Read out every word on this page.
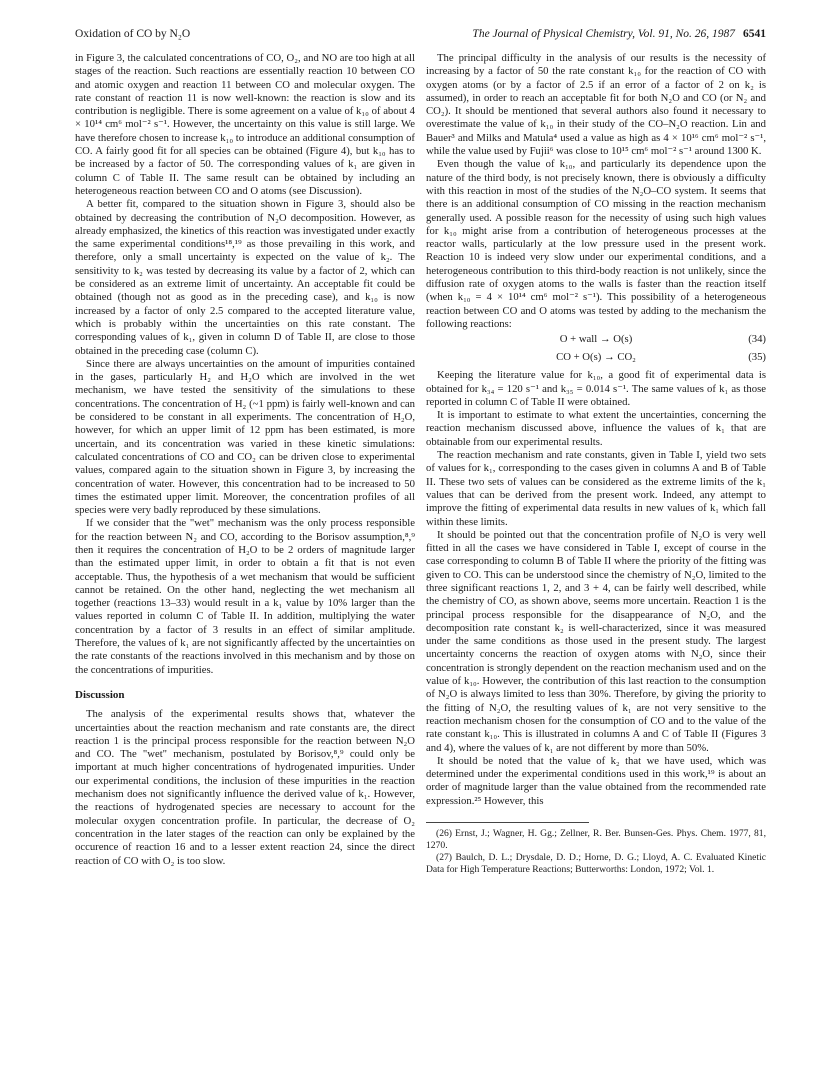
Oxidation of CO by N₂O	The Journal of Physical Chemistry, Vol. 91, No. 26, 1987 6541

in Figure 3, the calculated concentrations of CO, O₂, and NO are too high at all stages of the reaction. Such reactions are essentially reaction 10 between CO and atomic oxygen and reaction 11 between CO and molecular oxygen. The rate constant of reaction 11 is now well-known: the reaction is slow and its contribution is negligible. There is some agreement on a value of k₁₀ of about 4 × 10¹⁴ cm⁶ mol⁻² s⁻¹. However, the uncertainty on this value is still large. We have therefore chosen to increase k₁₀ to introduce an additional consumption of CO. A fairly good fit for all species can be obtained (Figure 4), but k₁₀ has to be increased by a factor of 50. The corresponding values of k₁ are given in column C of Table II. The same result can be obtained by including an heterogeneous reaction between CO and O atoms (see Discussion).

A better fit, compared to the situation shown in Figure 3, should also be obtained by decreasing the contribution of N₂O decomposition. However, as already emphasized, the kinetics of this reaction was investigated under exactly the same experimental conditions¹⁸,¹⁹ as those prevailing in this work, and therefore, only a small uncertainty is expected on the value of k₂. The sensitivity to k₂ was tested by decreasing its value by a factor of 2, which can be considered as an extreme limit of uncertainty. An acceptable fit could be obtained (though not as good as in the preceding case), and k₁₀ is now increased by a factor of only 2.5 compared to the accepted literature value, which is probably within the uncertainties on this rate constant. The corresponding values of k₁, given in column D of Table II, are close to those obtained in the preceding case (column C).

Since there are always uncertainties on the amount of impurities contained in the gases, particularly H₂ and H₂O which are involved in the wet mechanism, we have tested the sensitivity of the simulations to these concentrations. The concentration of H₂ (~1 ppm) is fairly well-known and can be considered to be constant in all experiments. The concentration of H₂O, however, for which an upper limit of 12 ppm has been estimated, is more uncertain, and its concentration was varied in these kinetic simulations: calculated concentrations of CO and CO₂ can be driven close to experimental values, compared again to the situation shown in Figure 3, by increasing the concentration of water. However, this concentration had to be increased to 50 times the estimated upper limit. Moreover, the concentration profiles of all species were very badly reproduced by these simulations.

If we consider that the "wet" mechanism was the only process responsible for the reaction between N₂ and CO, according to the Borisov assumption,⁸,⁹ then it requires the concentration of H₂O to be 2 orders of magnitude larger than the estimated upper limit, in order to obtain a fit that is not even acceptable. Thus, the hypothesis of a wet mechanism that would be sufficient cannot be retained. On the other hand, neglecting the wet mechanism all together (reactions 13–33) would result in a k₁ value by 10% larger than the values reported in column C of Table II. In addition, multiplying the water concentration by a factor of 3 results in an effect of similar amplitude. Therefore, the values of k₁ are not significantly affected by the uncertainties on the rate constants of the reactions involved in this mechanism and by those on the concentrations of impurities.

Discussion

The analysis of the experimental results shows that, whatever the uncertainties about the reaction mechanism and rate constants are, the direct reaction 1 is the principal process responsible for the reaction between N₂O and CO. The "wet" mechanism, postulated by Borisov,⁸,⁹ could only be important at much higher concentrations of hydrogenated impurities. Under our experimental conditions, the inclusion of these impurities in the reaction mechanism does not significantly influence the derived value of k₁. However, the reactions of hydrogenated species are necessary to account for the molecular oxygen concentration profile. In particular, the decrease of O₂ concentration in the later stages of the reaction can only be explained by the occurence of reaction 16 and to a lesser extent reaction 24, since the direct reaction of CO with O₂ is too slow.

The principal difficulty in the analysis of our results is the necessity of increasing by a factor of 50 the rate constant k₁₀ for the reaction of CO with oxygen atoms (or by a factor of 2.5 if an error of a factor of 2 on k₂ is assumed), in order to reach an acceptable fit for both N₂O and CO (or N₂ and CO₂). It should be mentioned that several authors also found it necessary to overestimate the value of k₁₀ in their study of the CO–N₂O reaction. Lin and Bauer³ and Milks and Matula⁴ used a value as high as 4 × 10¹⁶ cm⁶ mol⁻² s⁻¹, while the value used by Fujii⁶ was close to 10¹⁵ cm⁶ mol⁻² s⁻¹ around 1300 K.

Even though the value of k₁₀, and particularly its dependence upon the nature of the third body, is not precisely known, there is obviously a difficulty with this reaction in most of the studies of the N₂O–CO system. It seems that there is an additional consumption of CO missing in the reaction mechanism generally used. A possible reason for the necessity of using such high values for k₁₀ might arise from a contribution of heterogeneous processes at the reactor walls, particularly at the low pressure used in the present work. Reaction 10 is indeed very slow under our experimental conditions, and a heterogeneous contribution to this third-body reaction is not unlikely, since the diffusion rate of oxygen atoms to the walls is faster than the reaction itself (when k₁₀ = 4 × 10¹⁴ cm⁶ mol⁻² s⁻¹). This possibility of a heterogeneous reaction between CO and O atoms was tested by adding to the mechanism the following reactions:

O + wall → O(s)	(34)
CO + O(s) → CO₂	(35)

Keeping the literature value for k₁₀, a good fit of experimental data is obtained for k₃₄ = 120 s⁻¹ and k₃₅ = 0.014 s⁻¹. The same values of k₁ as those reported in column C of Table II were obtained.

It is important to estimate to what extent the uncertainties, concerning the reaction mechanism discussed above, influence the values of k₁ that are obtainable from our experimental results.

The reaction mechanism and rate constants, given in Table I, yield two sets of values for k₁, corresponding to the cases given in columns A and B of Table II. These two sets of values can be considered as the extreme limits of the k₁ values that can be derived from the present work. Indeed, any attempt to improve the fitting of experimental data results in new values of k₁ which fall within these limits.

It should be pointed out that the concentration profile of N₂O is very well fitted in all the cases we have considered in Table I, except of course in the case corresponding to column B of Table II where the priority of the fitting was given to CO. This can be understood since the chemistry of N₂O, limited to the three significant reactions 1, 2, and 3 + 4, can be fairly well described, while the chemistry of CO, as shown above, seems more uncertain. Reaction 1 is the principal process responsible for the disappearance of N₂O, and the decomposition rate constant k₂ is well-characterized, since it was measured under the same conditions as those used in the present study. The largest uncertainty concerns the reaction of oxygen atoms with N₂O, since their concentration is strongly dependent on the reaction mechanism used and on the value of k₁₀. However, the contribution of this last reaction to the consumption of N₂O is always limited to less than 30%. Therefore, by giving the priority to the fitting of N₂O, the resulting values of k₁ are not very sensitive to the reaction mechanism chosen for the consumption of CO and to the value of the rate constant k₁₀. This is illustrated in columns A and C of Table II (Figures 3 and 4), where the values of k₁ are not different by more than 50%.

It should be noted that the value of k₂ that we have used, which was determined under the experimental conditions used in this work,¹⁹ is about an order of magnitude larger than the value obtained from the recommended rate expression.²⁵ However, this

(26) Ernst, J.; Wagner, H. Gg.; Zellner, R. Ber. Bunsen-Ges. Phys. Chem. 1977, 81, 1270.
(27) Baulch, D. L.; Drysdale, D. D.; Horne, D. G.; Lloyd, A. C. Evaluated Kinetic Data for High Temperature Reactions; Butterworths: London, 1972; Vol. 1.
